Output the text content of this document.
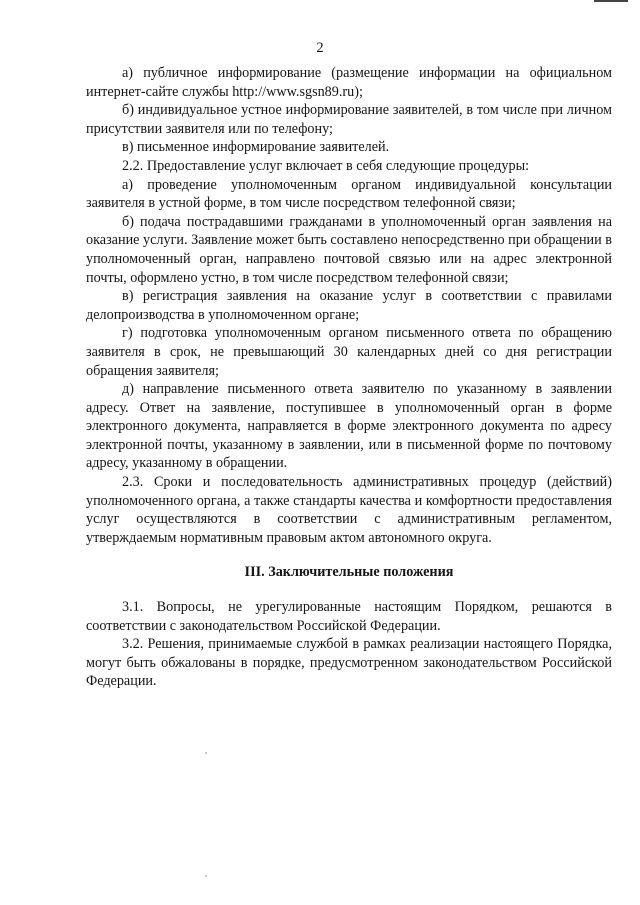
2

а) публичное информирование (размещение информации на официальном интернет-сайте службы http://www.sgsn89.ru);

б) индивидуальное устное информирование заявителей, в том числе при личном присутствии заявителя или по телефону;

в) письменное информирование заявителей.

2.2. Предоставление услуг включает в себя следующие процедуры:

а) проведение уполномоченным органом индивидуальной консультации заявителя в устной форме, в том числе посредством телефонной связи;

б) подача пострадавшими гражданами в уполномоченный орган заявления на оказание услуги. Заявление может быть составлено непосредственно при обращении в уполномоченный орган, направлено почтовой связью или на адрес электронной почты, оформлено устно, в том числе посредством телефонной связи;

в) регистрация заявления на оказание услуг в соответствии с правилами делопроизводства в уполномоченном органе;

г) подготовка уполномоченным органом письменного ответа по обращению заявителя в срок, не превышающий 30 календарных дней со дня регистрации обращения заявителя;

д) направление письменного ответа заявителю по указанному в заявлении адресу. Ответ на заявление, поступившее в уполномоченный орган в форме электронного документа, направляется в форме электронного документа по адресу электронной почты, указанному в заявлении, или в письменной форме по почтовому адресу, указанному в обращении.

2.3. Сроки и последовательность административных процедур (действий) уполномоченного органа, а также стандарты качества и комфортности предоставления услуг осуществляются в соответствии с административным регламентом, утверждаемым нормативным правовым актом автономного округа.

III. Заключительные положения

3.1. Вопросы, не урегулированные настоящим Порядком, решаются в соответствии с законодательством Российской Федерации.

3.2. Решения, принимаемые службой в рамках реализации настоящего Порядка, могут быть обжалованы в порядке, предусмотренном законодательством Российской Федерации.
